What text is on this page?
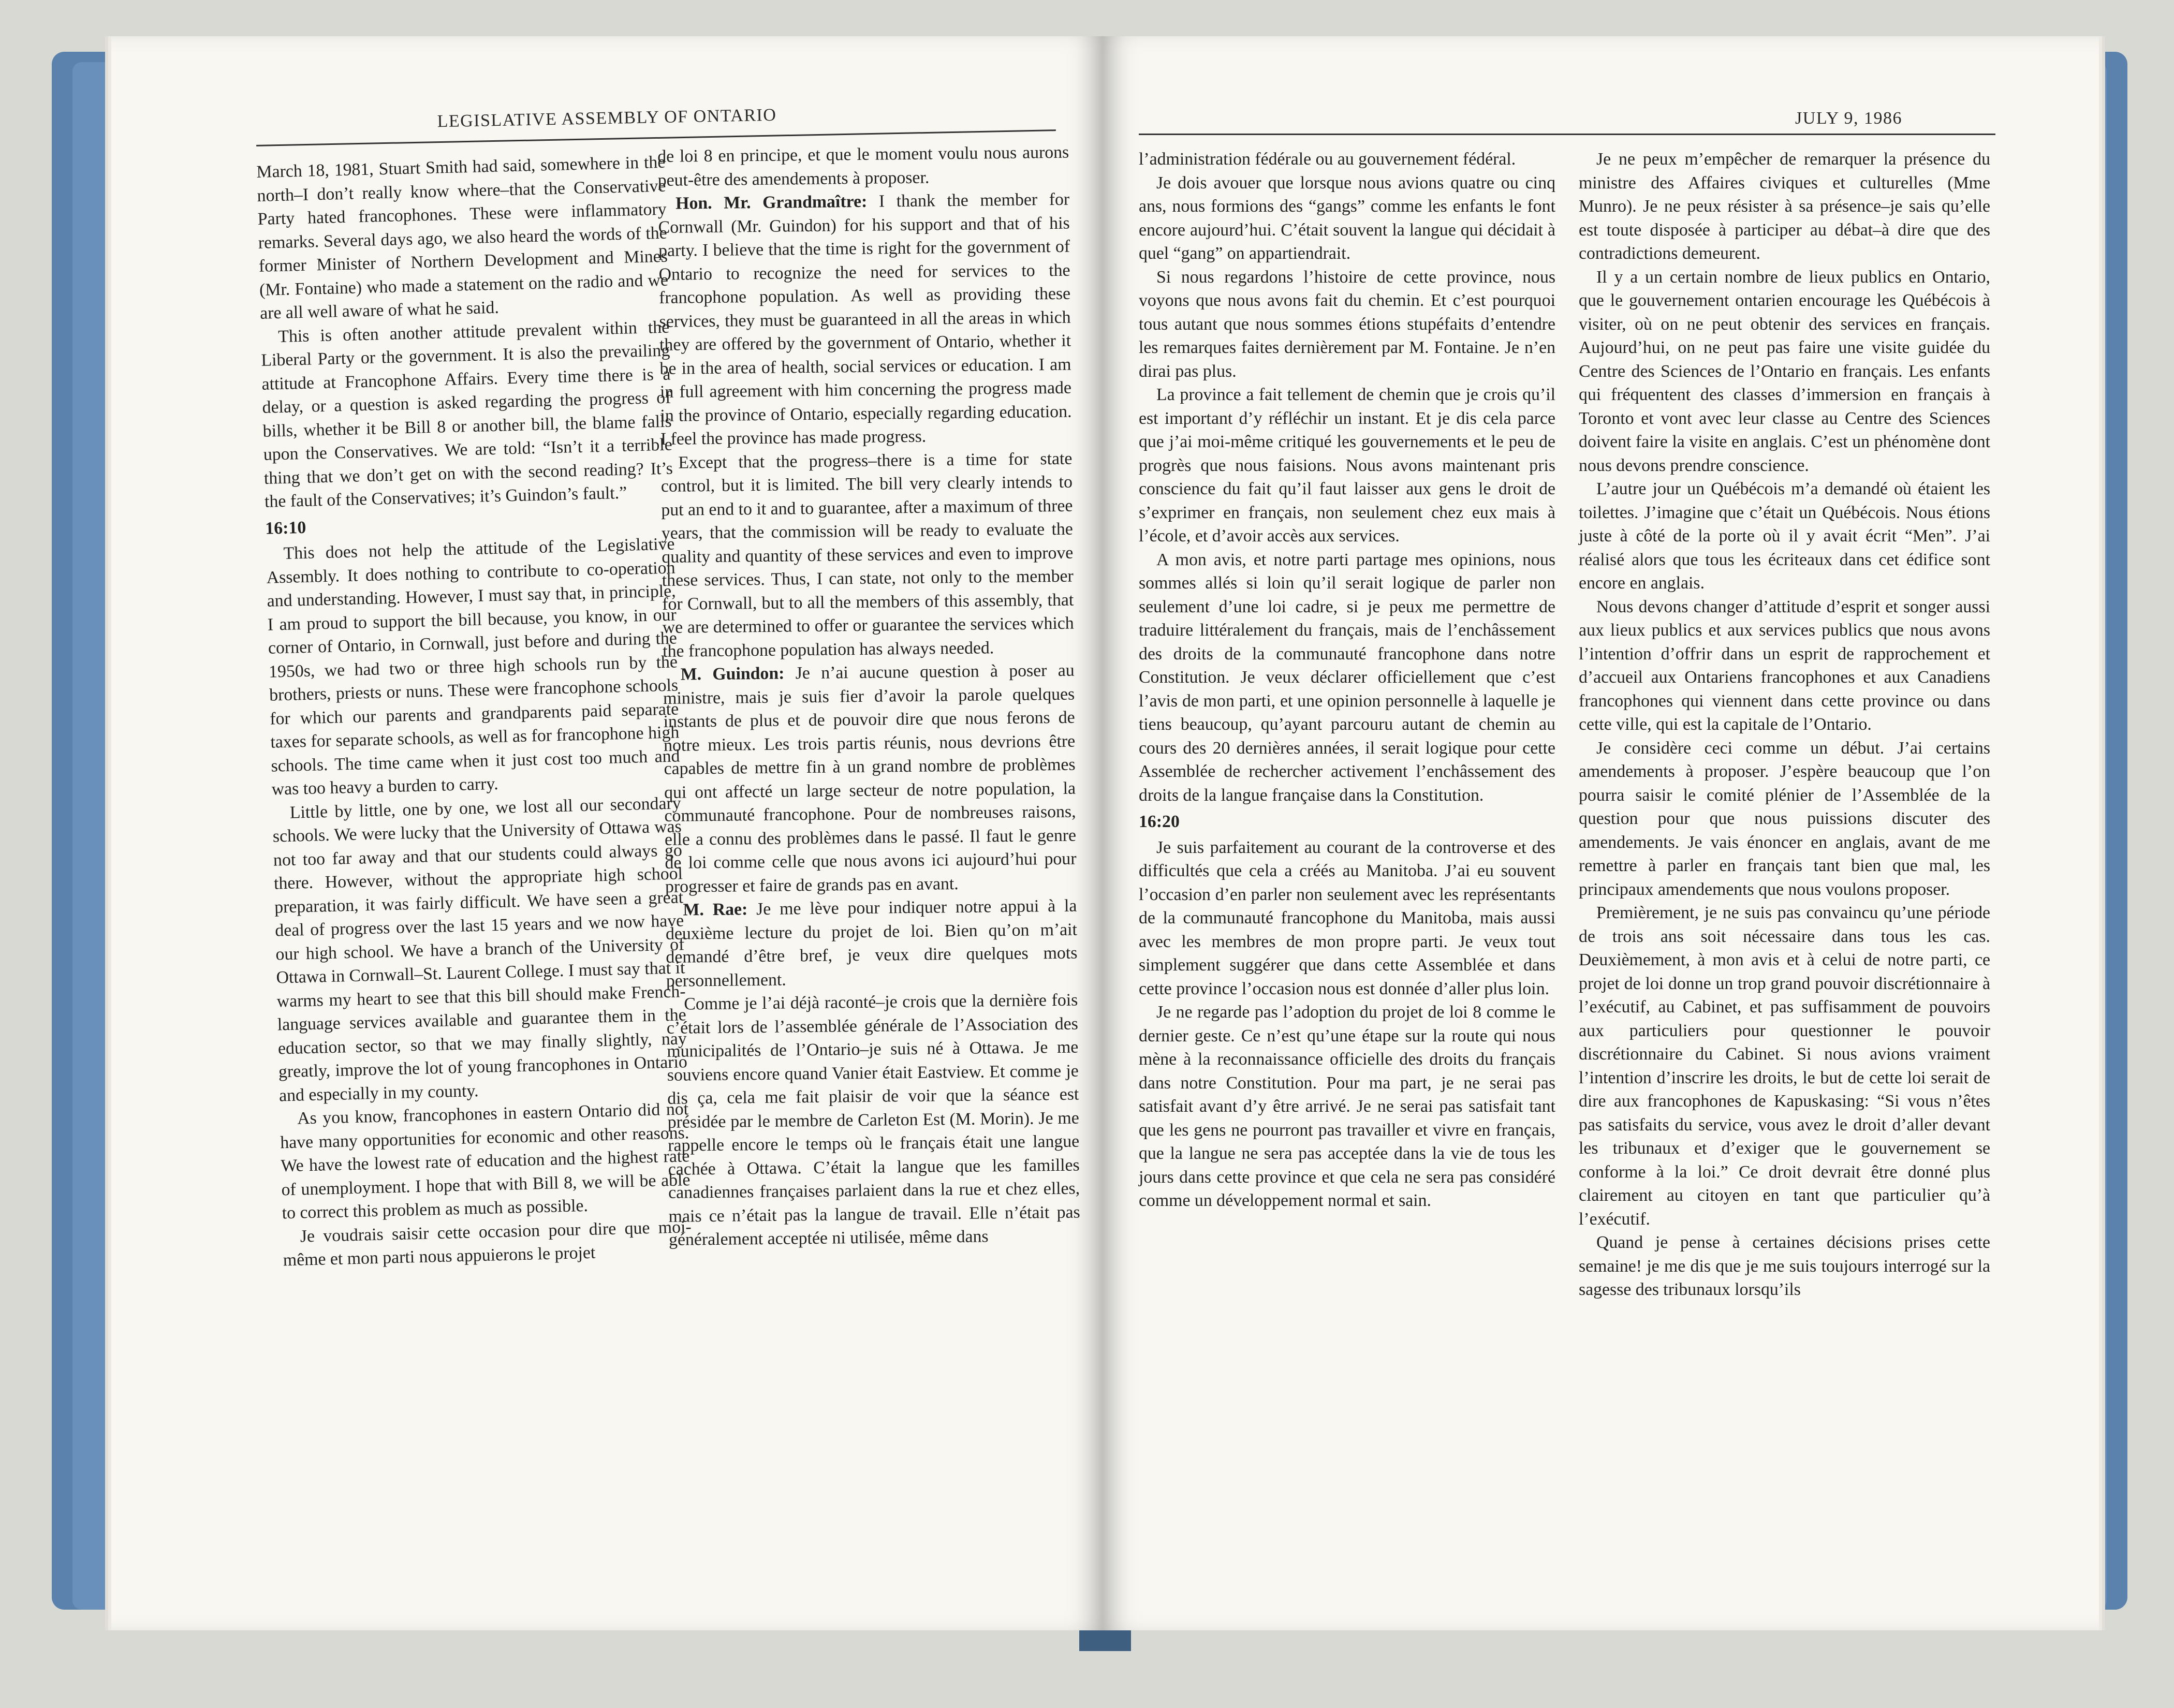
LEGISLATIVE ASSEMBLY OF ONTARIO

March 18, 1981, Stuart Smith had said, somewhere in the north–I don’t really know where–that the Conservative Party hated francophones. These were inflammatory remarks. Several days ago, we also heard the words of the former Minister of Northern Development and Mines (Mr. Fontaine) who made a statement on the radio and we are all well aware of what he said.

This is often another attitude prevalent within the Liberal Party or the government. It is also the prevailing attitude at Francophone Affairs. Every time there is a delay, or a question is asked regarding the progress of bills, whether it be Bill 8 or another bill, the blame falls upon the Conservatives. We are told: “Isn’t it a terrible thing that we don’t get on with the second reading? It’s the fault of the Conservatives; it’s Guindon’s fault.”

16:10

This does not help the attitude of the Legislative Assembly. It does nothing to contribute to co-operation and understanding. However, I must say that, in principle, I am proud to support the bill because, you know, in our corner of Ontario, in Cornwall, just before and during the 1950s, we had two or three high schools run by the brothers, priests or nuns. These were francophone schools for which our parents and grandparents paid separate taxes for separate schools, as well as for francophone high schools. The time came when it just cost too much and was too heavy a burden to carry.

Little by little, one by one, we lost all our secondary schools. We were lucky that the University of Ottawa was not too far away and that our students could always go there. However, without the appropriate high school preparation, it was fairly difficult. We have seen a great deal of progress over the last 15 years and we now have our high school. We have a branch of the University of Ottawa in Cornwall–St. Laurent College. I must say that it warms my heart to see that this bill should make French-language services available and guarantee them in the education sector, so that we may finally slightly, nay greatly, improve the lot of young francophones in Ontario and especially in my county.

As you know, francophones in eastern Ontario did not have many opportunities for economic and other reasons. We have the lowest rate of education and the highest rate of unemployment. I hope that with Bill 8, we will be able to correct this problem as much as possible.

Je voudrais saisir cette occasion pour dire que moi-même et mon parti nous appuierons le projet

de loi 8 en principe, et que le moment voulu nous aurons peut-être des amendements à proposer.

Hon. Mr. Grandmaître: I thank the member for Cornwall (Mr. Guindon) for his support and that of his party. I believe that the time is right for the government of Ontario to recognize the need for services to the francophone population. As well as providing these services, they must be guaranteed in all the areas in which they are offered by the government of Ontario, whether it be in the area of health, social services or education. I am in full agreement with him concerning the progress made in the province of Ontario, especially regarding education. I feel the province has made progress.

Except that the progress–there is a time for state control, but it is limited. The bill very clearly intends to put an end to it and to guarantee, after a maximum of three years, that the commission will be ready to evaluate the quality and quantity of these services and even to improve these services. Thus, I can state, not only to the member for Cornwall, but to all the members of this assembly, that we are determined to offer or guarantee the services which the francophone population has always needed.

M. Guindon: Je n’ai aucune question à poser au ministre, mais je suis fier d’avoir la parole quelques instants de plus et de pouvoir dire que nous ferons de notre mieux. Les trois partis réunis, nous devrions être capables de mettre fin à un grand nombre de problèmes qui ont affecté un large secteur de notre population, la communauté francophone. Pour de nombreuses raisons, elle a connu des problèmes dans le passé. Il faut le genre de loi comme celle que nous avons ici aujourd’hui pour progresser et faire de grands pas en avant.

M. Rae: Je me lève pour indiquer notre appui à la deuxième lecture du projet de loi. Bien qu’on m’ait demandé d’être bref, je veux dire quelques mots personnellement.

Comme je l’ai déjà raconté–je crois que la dernière fois c’était lors de l’assemblée générale de l’Association des municipalités de l’Ontario–je suis né à Ottawa. Je me souviens encore quand Vanier était Eastview. Et comme je dis ça, cela me fait plaisir de voir que la séance est présidée par le membre de Carleton Est (M. Morin). Je me rappelle encore le temps où le français était une langue cachée à Ottawa. C’était la langue que les familles canadiennes françaises parlaient dans la rue et chez elles, mais ce n’était pas la langue de travail. Elle n’était pas généralement acceptée ni utilisée, même dans

JULY 9, 1986

l’administration fédérale ou au gouvernement fédéral.

Je dois avouer que lorsque nous avions quatre ou cinq ans, nous formions des “gangs” comme les enfants le font encore aujourd’hui. C’était souvent la langue qui décidait à quel “gang” on appartiendrait.

Si nous regardons l’histoire de cette province, nous voyons que nous avons fait du chemin. Et c’est pourquoi tous autant que nous sommes étions stupéfaits d’entendre les remarques faites dernièrement par M. Fontaine. Je n’en dirai pas plus.

La province a fait tellement de chemin que je crois qu’il est important d’y réfléchir un instant. Et je dis cela parce que j’ai moi-même critiqué les gouvernements et le peu de progrès que nous faisions. Nous avons maintenant pris conscience du fait qu’il faut laisser aux gens le droit de s’exprimer en français, non seulement chez eux mais à l’école, et d’avoir accès aux services.

A mon avis, et notre parti partage mes opinions, nous sommes allés si loin qu’il serait logique de parler non seulement d’une loi cadre, si je peux me permettre de traduire littéralement du français, mais de l’enchâssement des droits de la communauté francophone dans notre Constitution. Je veux déclarer officiellement que c’est l’avis de mon parti, et une opinion personnelle à laquelle je tiens beaucoup, qu’ayant parcouru autant de chemin au cours des 20 dernières années, il serait logique pour cette Assemblée de rechercher activement l’enchâssement des droits de la langue française dans la Constitution.

16:20

Je suis parfaitement au courant de la controverse et des difficultés que cela a créés au Manitoba. J’ai eu souvent l’occasion d’en parler non seulement avec les représentants de la communauté francophone du Manitoba, mais aussi avec les membres de mon propre parti. Je veux tout simplement suggérer que dans cette Assemblée et dans cette province l’occasion nous est donnée d’aller plus loin.

Je ne regarde pas l’adoption du projet de loi 8 comme le dernier geste. Ce n’est qu’une étape sur la route qui nous mène à la reconnaissance officielle des droits du français dans notre Constitution. Pour ma part, je ne serai pas satisfait avant d’y être arrivé. Je ne serai pas satisfait tant que les gens ne pourront pas travailler et vivre en français, que la langue ne sera pas acceptée dans la vie de tous les jours dans cette province et que cela ne sera pas considéré comme un développement normal et sain.

Je ne peux m’empêcher de remarquer la présence du ministre des Affaires civiques et culturelles (Mme Munro). Je ne peux résister à sa présence–je sais qu’elle est toute disposée à participer au débat–à dire que des contradictions demeurent.

Il y a un certain nombre de lieux publics en Ontario, que le gouvernement ontarien encourage les Québécois à visiter, où on ne peut obtenir des services en français. Aujourd’hui, on ne peut pas faire une visite guidée du Centre des Sciences de l’Ontario en français. Les enfants qui fréquentent des classes d’immersion en français à Toronto et vont avec leur classe au Centre des Sciences doivent faire la visite en anglais. C’est un phénomène dont nous devons prendre conscience.

L’autre jour un Québécois m’a demandé où étaient les toilettes. J’imagine que c’était un Québécois. Nous étions juste à côté de la porte où il y avait écrit “Men”. J’ai réalisé alors que tous les écriteaux dans cet édifice sont encore en anglais.

Nous devons changer d’attitude d’esprit et songer aussi aux lieux publics et aux services publics que nous avons l’intention d’offrir dans un esprit de rapprochement et d’accueil aux Ontariens francophones et aux Canadiens francophones qui viennent dans cette province ou dans cette ville, qui est la capitale de l’Ontario.

Je considère ceci comme un début. J’ai certains amendements à proposer. J’espère beaucoup que l’on pourra saisir le comité plénier de l’Assemblée de la question pour que nous puissions discuter des amendements. Je vais énoncer en anglais, avant de me remettre à parler en français tant bien que mal, les principaux amendements que nous voulons proposer.

Premièrement, je ne suis pas convaincu qu’une période de trois ans soit nécessaire dans tous les cas. Deuxièmement, à mon avis et à celui de notre parti, ce projet de loi donne un trop grand pouvoir discrétionnaire à l’exécutif, au Cabinet, et pas suffisamment de pouvoirs aux particuliers pour questionner le pouvoir discrétionnaire du Cabinet. Si nous avions vraiment l’intention d’inscrire les droits, le but de cette loi serait de dire aux francophones de Kapuskasing: “Si vous n’êtes pas satisfaits du service, vous avez le droit d’aller devant les tribunaux et d’exiger que le gouvernement se conforme à la loi.” Ce droit devrait être donné plus clairement au citoyen en tant que particulier qu’à l’exécutif.

Quand je pense à certaines décisions prises cette semaine! je me dis que je me suis toujours interrogé sur la sagesse des tribunaux lorsqu’ils
